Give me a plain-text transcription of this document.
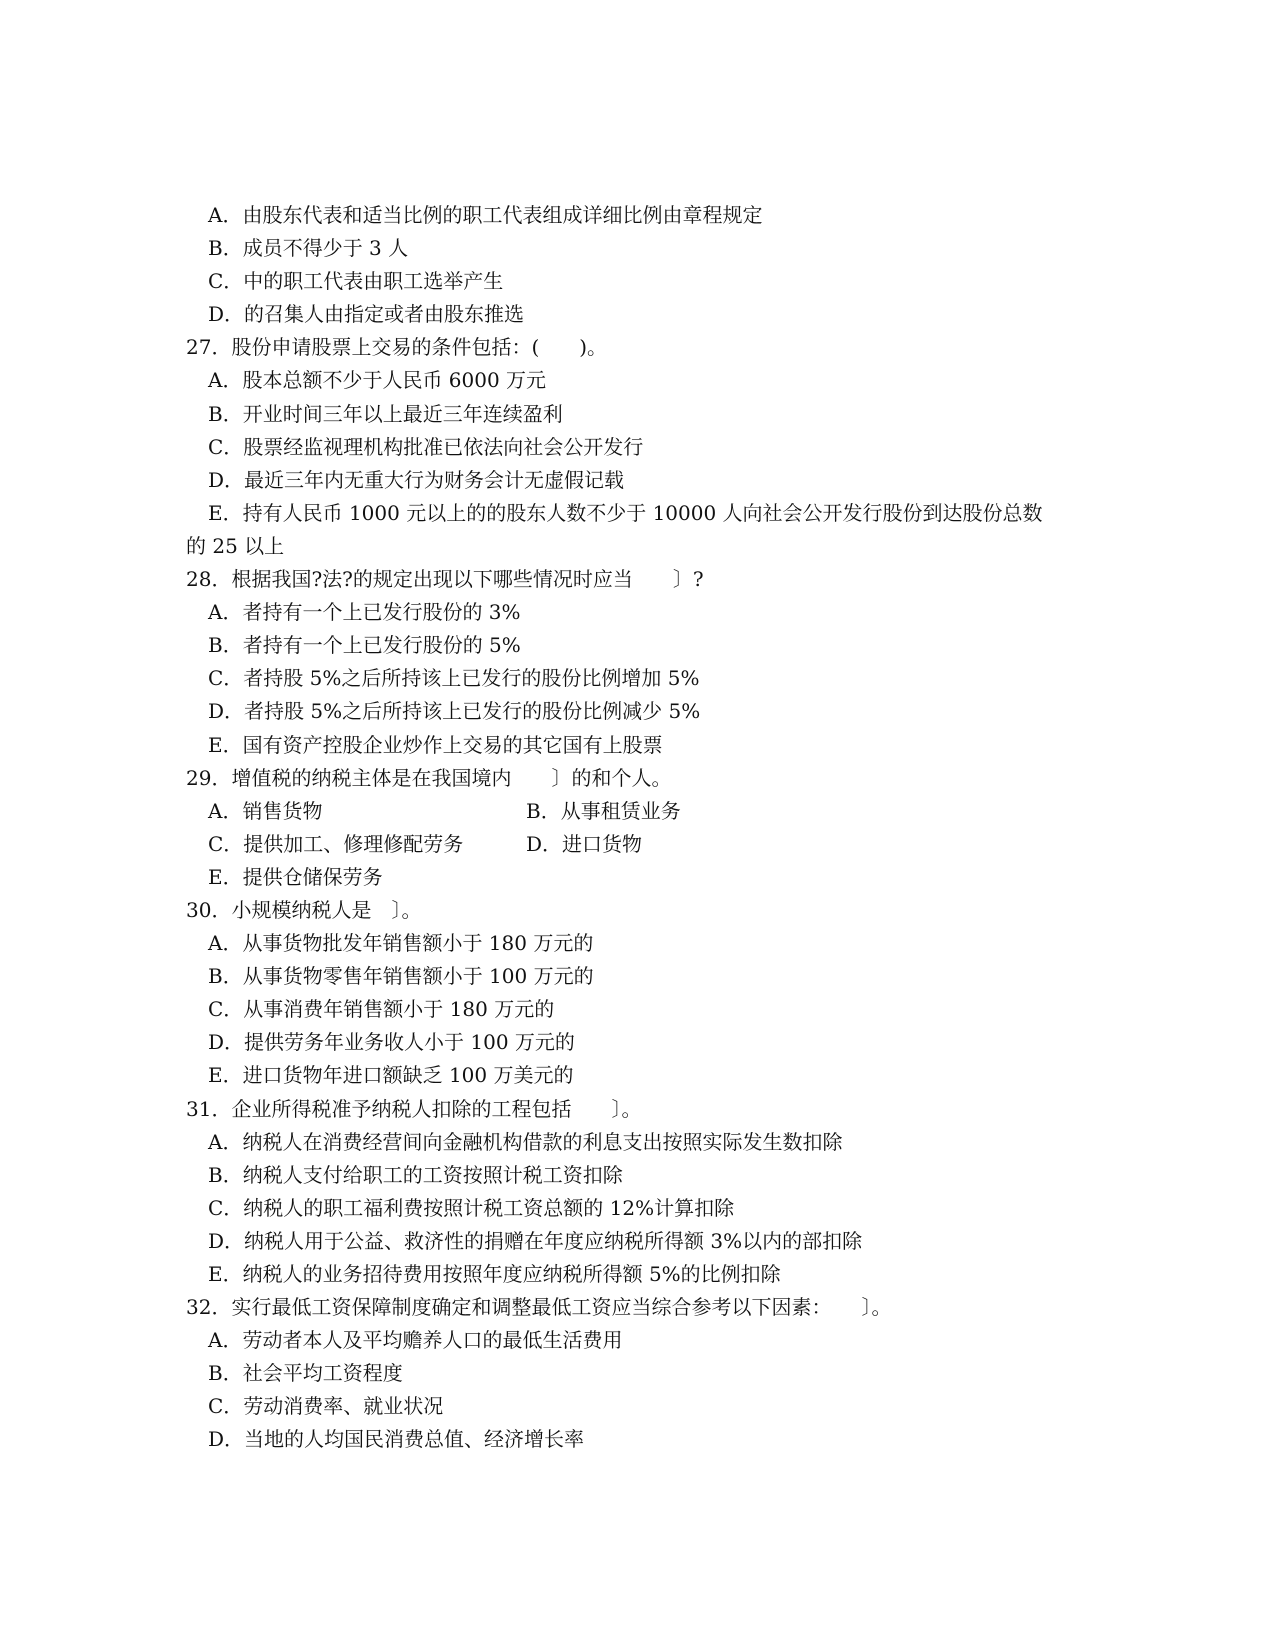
A．由股东代表和适当比例的职工代表组成详细比例由章程规定
B．成员不得少于 3 人
C．中的职工代表由职工选举产生
D．的召集人由指定或者由股东推选
27．股份申请股票上交易的条件包括：(　　)。
A．股本总额不少于人民币 6000 万元
B．开业时间三年以上最近三年连续盈利
C．股票经监视理机构批准已依法向社会公开发行
D．最近三年内无重大行为财务会计无虚假记载
E．持有人民币 1000 元以上的的股东人数不少于 10000 人向社会公开发行股份到达股份总数
的 25 以上
28．根据我国?法?的规定出现以下哪些情况时应当　　〕?
A．者持有一个上已发行股份的 3%
B．者持有一个上已发行股份的 5%
C．者持股 5%之后所持该上已发行的股份比例增加 5%
D．者持股 5%之后所持该上已发行的股份比例减少 5%
E．国有资产控股企业炒作上交易的其它国有上股票
29．增值税的纳税主体是在我国境内　　〕的和个人。
A．销售货物	B．从事租赁业务
C．提供加工、修理修配劳务	D．进口货物
E．提供仓储保劳务
30．小规模纳税人是　〕。
A．从事货物批发年销售额小于 180 万元的
B．从事货物零售年销售额小于 100 万元的
C．从事消费年销售额小于 180 万元的
D．提供劳务年业务收人小于 100 万元的
E．进口货物年进口额缺乏 100 万美元的
31．企业所得税准予纳税人扣除的工程包括　　〕。
A．纳税人在消费经营间向金融机构借款的利息支出按照实际发生数扣除
B．纳税人支付给职工的工资按照计税工资扣除
C．纳税人的职工福利费按照计税工资总额的 12%计算扣除
D．纳税人用于公益、救济性的捐赠在年度应纳税所得额 3%以内的部扣除
E．纳税人的业务招待费用按照年度应纳税所得额 5%的比例扣除
32．实行最低工资保障制度确定和调整最低工资应当综合参考以下因素：　　〕。
A．劳动者本人及平均赡养人口的最低生活费用
B．社会平均工资程度
C．劳动消费率、就业状况
D．当地的人均国民消费总值、经济增长率
